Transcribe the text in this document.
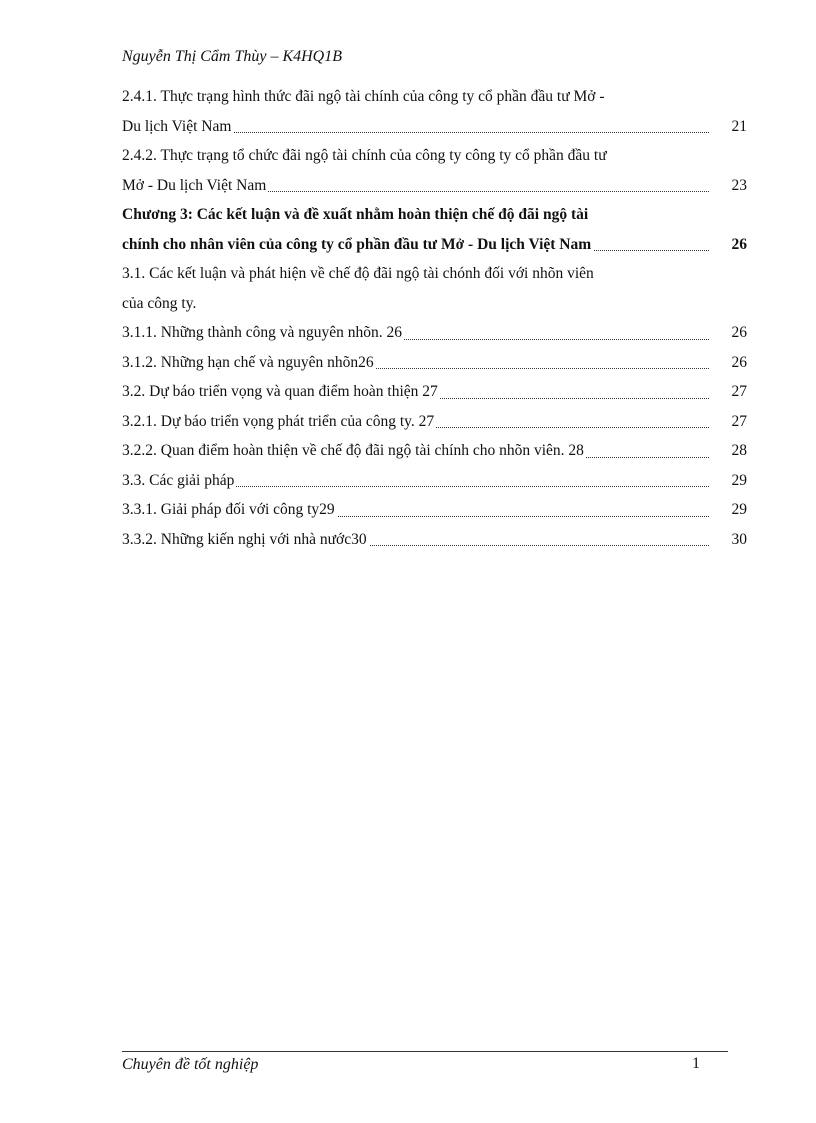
Nguyễn Thị Cẩm Thùy – K4HQ1B
2.4.1. Thực trạng hình thức đãi ngộ tài chính của công ty cổ phần đầu tư Mở -
Du lịch Việt Nam	21
2.4.2. Thực trạng tổ chức đãi ngộ tài chính của công ty công ty cổ phần đầu tư
Mở - Du lịch Việt Nam	23
Chương 3: Các kết luận và đề xuất nhằm hoàn thiện chế độ đãi ngộ tài
chính cho nhân viên của công ty cổ phần đầu tư Mở - Du lịch Việt Nam	26
3.1. Các kết luận và phát hiện về chế độ đãi ngộ tài chónh đối với nhõn viên
của công ty.
3.1.1. Những thành công và nguyên nhõn. 26	26
3.1.2. Những hạn chế và nguyên nhõn26	26
3.2. Dự báo triển vọng và quan điểm hoàn thiện 27	27
3.2.1. Dự báo triển vọng phát triển của công ty. 27	27
3.2.2. Quan điểm hoàn thiện về chế độ đãi ngộ tài chính cho nhõn viên. 28	28
3.3. Các giải pháp	29
3.3.1. Giải pháp đối với công ty29	29
3.3.2. Những kiến nghị với nhà nước30	30
Chuyên đề tốt nghiệp	1
